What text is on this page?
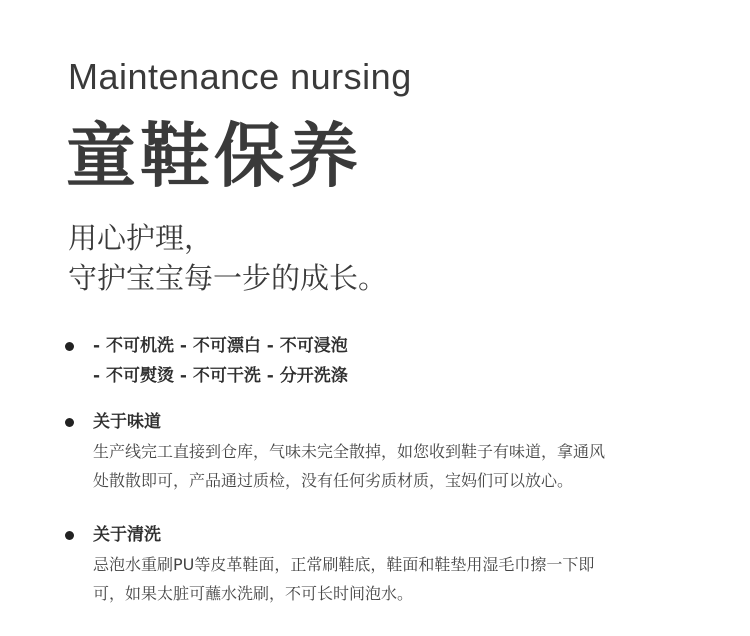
Maintenance nursing
童鞋保养
用心护理，
守护宝宝每一步的成长。
- 不可机洗 - 不可漂白 - 不可浸泡
- 不可熨烫 - 不可干洗 - 分开洗涤
关于味道
生产线完工直接到仓库，气味未完全散掉，如您收到鞋子有味道，拿通风
处散散即可，产品通过质检，没有任何劣质材质，宝妈们可以放心。
关于清洗
忌泡水重刷PU等皮革鞋面，正常刷鞋底，鞋面和鞋垫用湿毛巾擦一下即
可，如果太脏可蘸水洗刷，不可长时间泡水。
